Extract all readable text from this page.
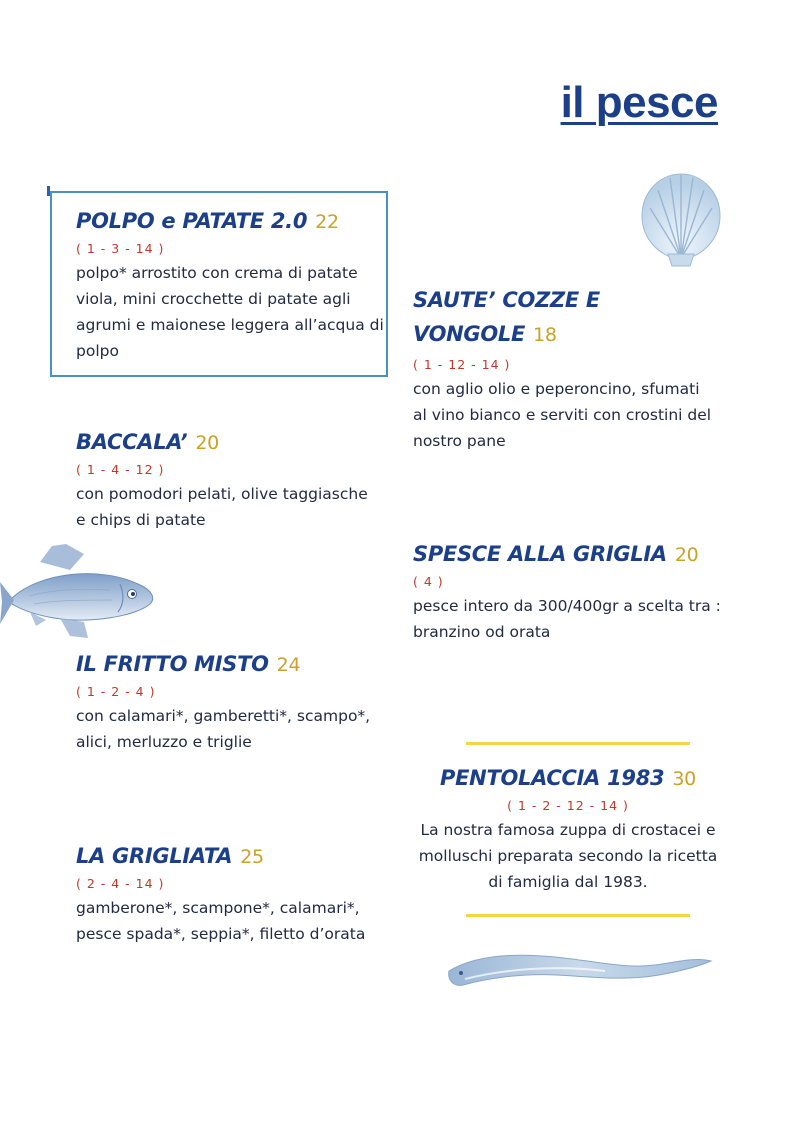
il pesce
POLPO e PATATE 2.0 22
( 1 - 3 - 14 )
polpo* arrostito con crema di patate
viola, mini crocchette di patate agli
agrumi e maionese leggera all’acqua di
polpo
BACCALA’ 20
( 1 - 4 - 12 )
con pomodori pelati, olive taggiasche
e chips di patate
IL FRITTO MISTO 24
( 1 - 2 - 4 )
con calamari*, gamberetti*, scampo*,
alici, merluzzo e triglie
LA GRIGLIATA 25
( 2 - 4 - 14 )
gamberone*, scampone*, calamari*,
pesce spada*, seppia*, filetto d’orata
SAUTE’ COZZE E
VONGOLE 18
( 1 - 12 - 14 )
con aglio olio e peperoncino, sfumati
al vino bianco e serviti con crostini del
nostro pane
SPESCE ALLA GRIGLIA 20
( 4 )
pesce intero da 300/400gr a scelta tra :
branzino od orata
PENTOLACCIA 1983 30
( 1 - 2 - 12 - 14 )
La nostra famosa zuppa di crostacei e
molluschi preparata secondo la ricetta
di famiglia dal 1983.
